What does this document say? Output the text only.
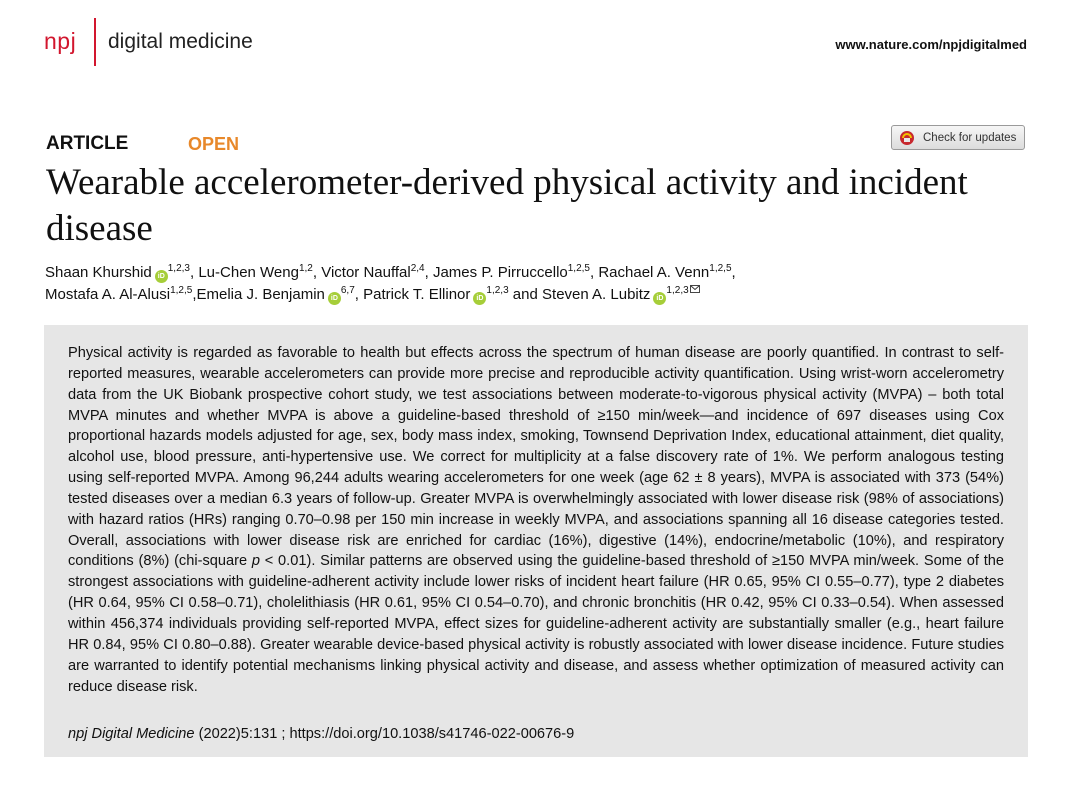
npj digital medicine	www.nature.com/npjdigitalmed
ARTICLE	OPEN	Check for updates
Wearable accelerometer-derived physical activity and incident disease
Shaan Khurshid iD$^{1,2,3}$, Lu-Chen Weng$^{1,2}$, Victor Nauffal$^{2,4}$, James P. Pirruccello$^{1,2,5}$, Rachael A. Venn$^{1,2,5}$, Mostafa A. Al-Alusi$^{1,2,5}$,Emelia J. Benjamin iD$^{6,7}$, Patrick T. Ellinor iD$^{1,2,3}$ and Steven A. Lubitz iD$^{1,2,3}$

Physical activity is regarded as favorable to health but effects across the spectrum of human disease are poorly quantified. In contrast to self-reported measures, wearable accelerometers can provide more precise and reproducible activity quantification. Using wrist-worn accelerometry data from the UK Biobank prospective cohort study, we test associations between moderate-to-vigorous physical activity (MVPA) – both total MVPA minutes and whether MVPA is above a guideline-based threshold of ≥150 min/week—and incidence of 697 diseases using Cox proportional hazards models adjusted for age, sex, body mass index, smoking, Townsend Deprivation Index, educational attainment, diet quality, alcohol use, blood pressure, anti-hypertensive use. We correct for multiplicity at a false discovery rate of 1%. We perform analogous testing using self-reported MVPA. Among 96,244 adults wearing accelerometers for one week (age 62 ± 8 years), MVPA is associated with 373 (54%) tested diseases over a median 6.3 years of follow-up. Greater MVPA is overwhelmingly associated with lower disease risk (98% of associations) with hazard ratios (HRs) ranging 0.70–0.98 per 150 min increase in weekly MVPA, and associations spanning all 16 disease categories tested. Overall, associations with lower disease risk are enriched for cardiac (16%), digestive (14%), endocrine/metabolic (10%), and respiratory conditions (8%) (chi-square p < 0.01). Similar patterns are observed using the guideline-based threshold of ≥150 MVPA min/week. Some of the strongest associations with guideline-adherent activity include lower risks of incident heart failure (HR 0.65, 95% CI 0.55–0.77), type 2 diabetes (HR 0.64, 95% CI 0.58–0.71), cholelithiasis (HR 0.61, 95% CI 0.54–0.70), and chronic bronchitis (HR 0.42, 95% CI 0.33–0.54). When assessed within 456,374 individuals providing self-reported MVPA, effect sizes for guideline-adherent activity are substantially smaller (e.g., heart failure HR 0.84, 95% CI 0.80–0.88). Greater wearable device-based physical activity is robustly associated with lower disease incidence. Future studies are warranted to identify potential mechanisms linking physical activity and disease, and assess whether optimization of measured activity can reduce disease risk.

npj Digital Medicine (2022)5:131 ; https://doi.org/10.1038/s41746-022-00676-9
